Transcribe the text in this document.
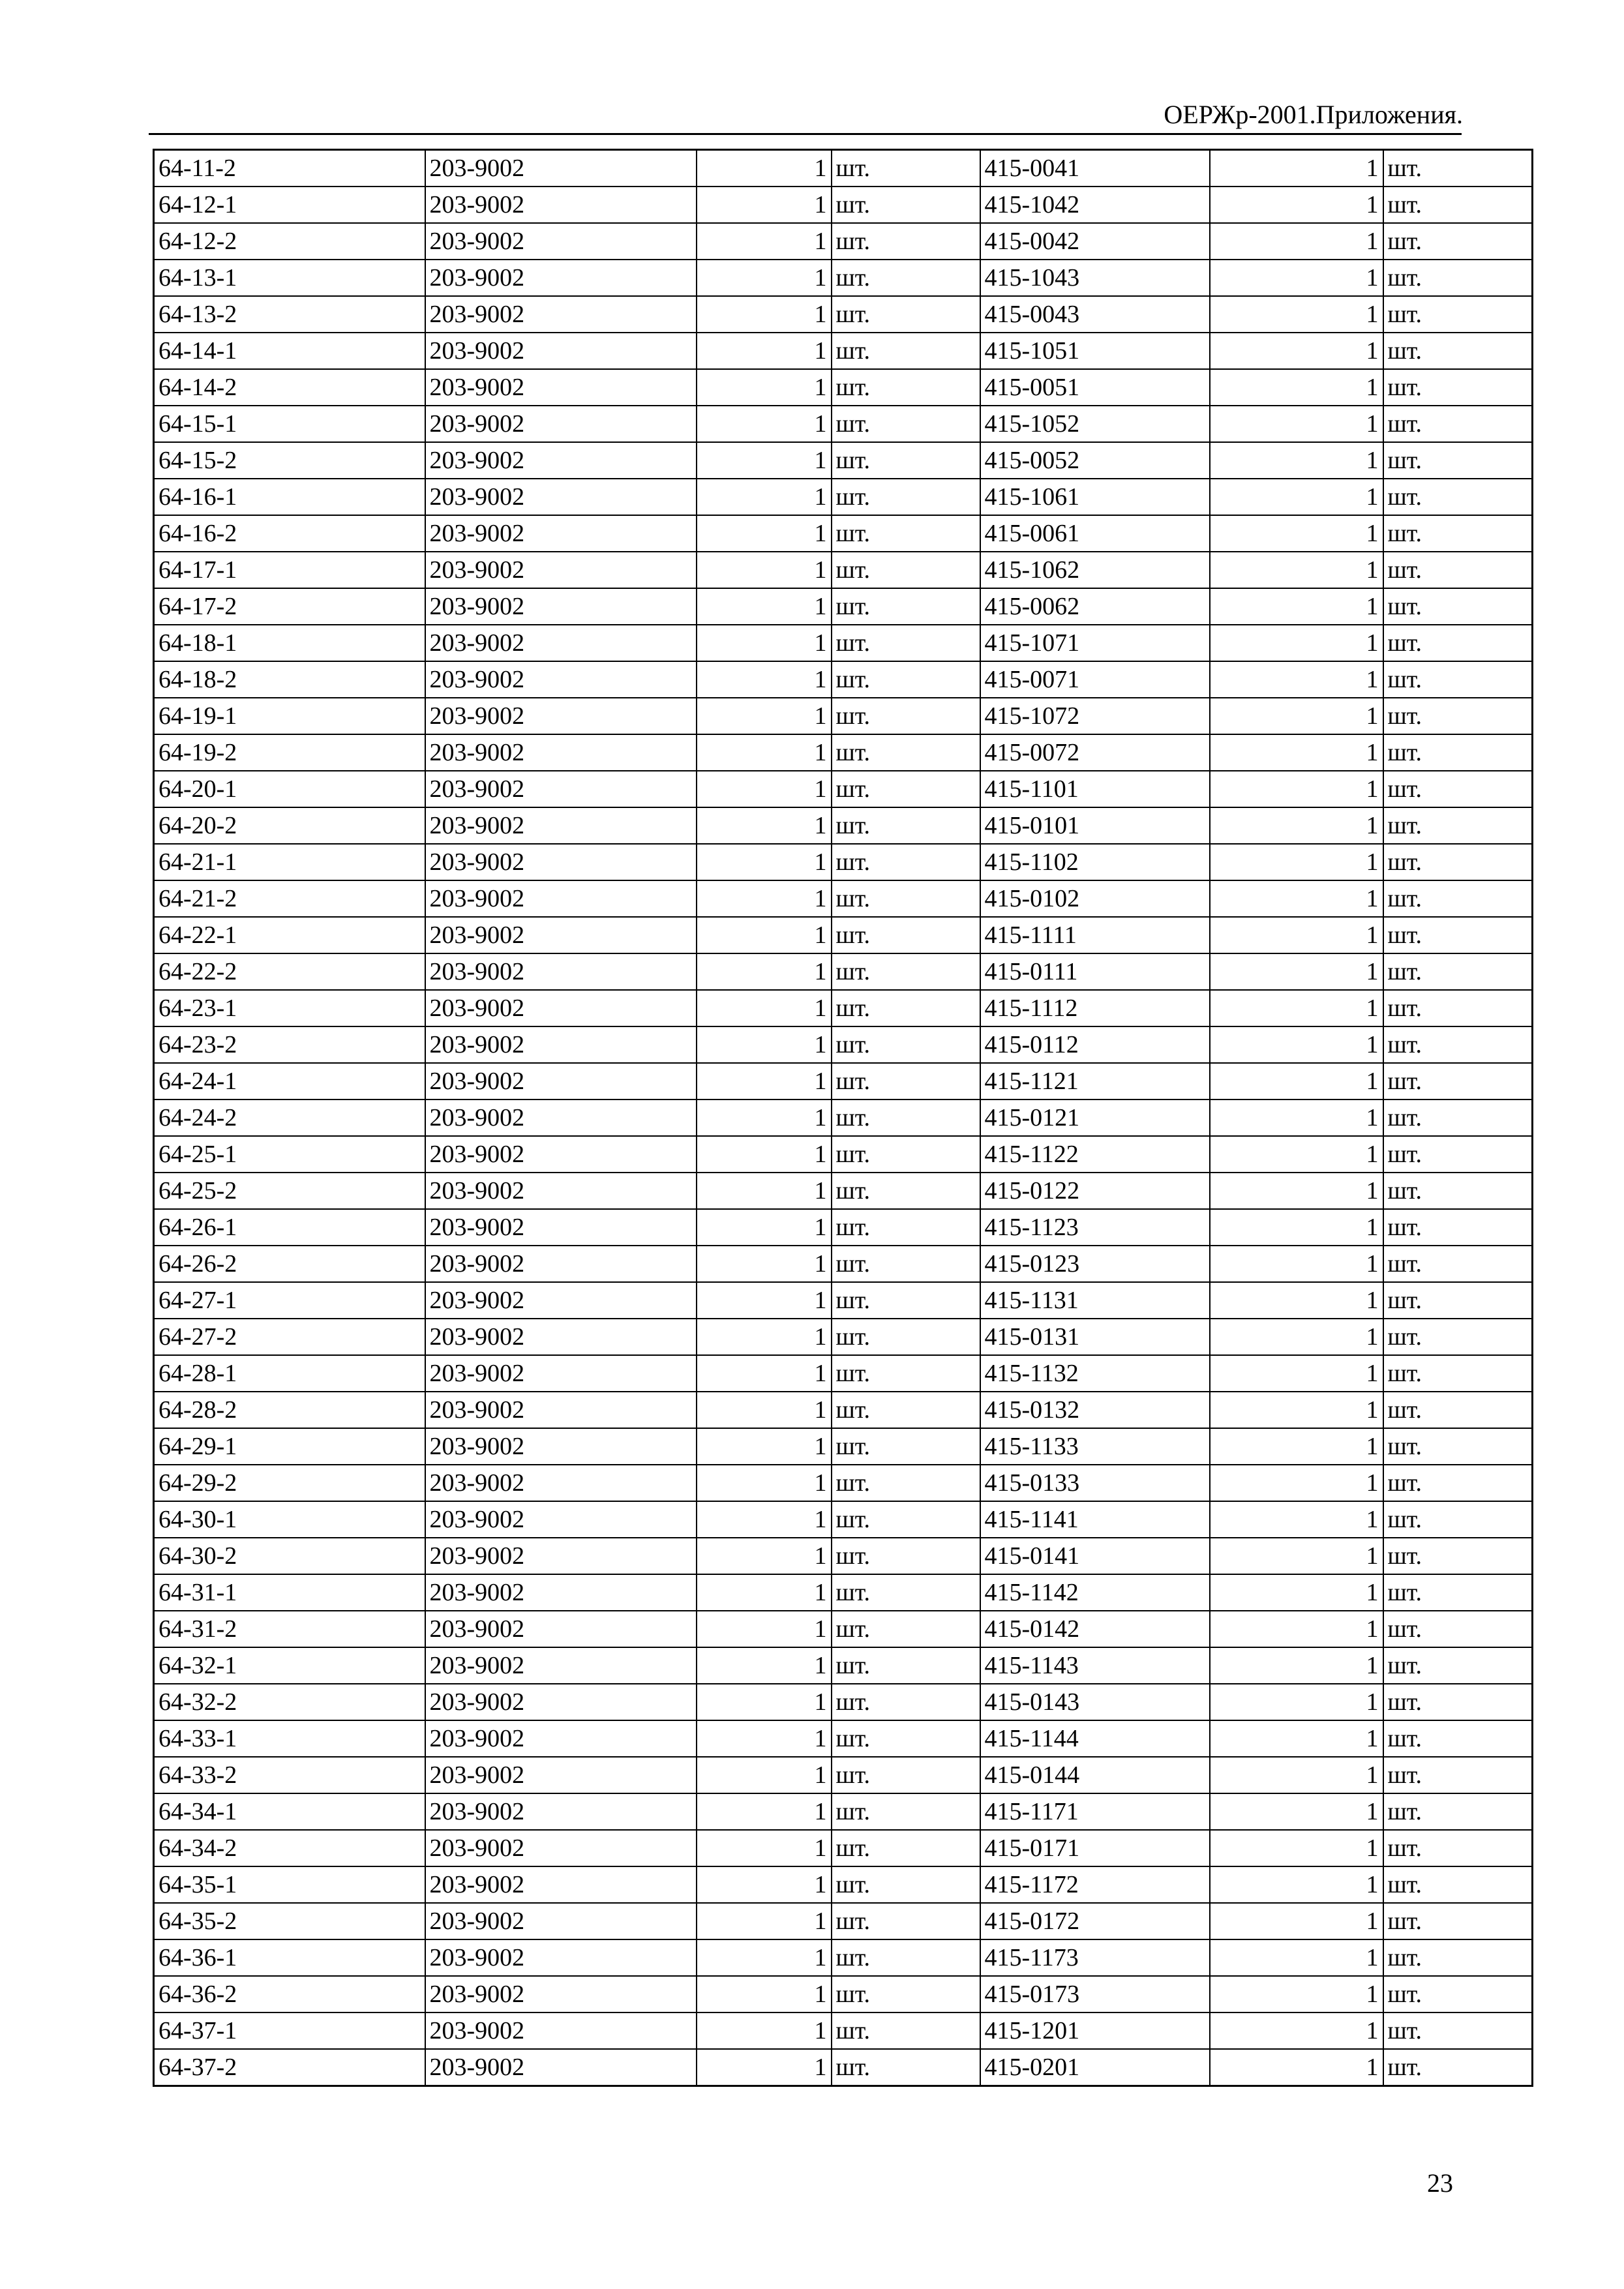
ОЕРЖр-2001.Приложения.
64-11-2	203-9002	1	шт.	415-0041	1	шт.
64-12-1	203-9002	1	шт.	415-1042	1	шт.
64-12-2	203-9002	1	шт.	415-0042	1	шт.
64-13-1	203-9002	1	шт.	415-1043	1	шт.
64-13-2	203-9002	1	шт.	415-0043	1	шт.
64-14-1	203-9002	1	шт.	415-1051	1	шт.
64-14-2	203-9002	1	шт.	415-0051	1	шт.
64-15-1	203-9002	1	шт.	415-1052	1	шт.
64-15-2	203-9002	1	шт.	415-0052	1	шт.
64-16-1	203-9002	1	шт.	415-1061	1	шт.
64-16-2	203-9002	1	шт.	415-0061	1	шт.
64-17-1	203-9002	1	шт.	415-1062	1	шт.
64-17-2	203-9002	1	шт.	415-0062	1	шт.
64-18-1	203-9002	1	шт.	415-1071	1	шт.
64-18-2	203-9002	1	шт.	415-0071	1	шт.
64-19-1	203-9002	1	шт.	415-1072	1	шт.
64-19-2	203-9002	1	шт.	415-0072	1	шт.
64-20-1	203-9002	1	шт.	415-1101	1	шт.
64-20-2	203-9002	1	шт.	415-0101	1	шт.
64-21-1	203-9002	1	шт.	415-1102	1	шт.
64-21-2	203-9002	1	шт.	415-0102	1	шт.
64-22-1	203-9002	1	шт.	415-1111	1	шт.
64-22-2	203-9002	1	шт.	415-0111	1	шт.
64-23-1	203-9002	1	шт.	415-1112	1	шт.
64-23-2	203-9002	1	шт.	415-0112	1	шт.
64-24-1	203-9002	1	шт.	415-1121	1	шт.
64-24-2	203-9002	1	шт.	415-0121	1	шт.
64-25-1	203-9002	1	шт.	415-1122	1	шт.
64-25-2	203-9002	1	шт.	415-0122	1	шт.
64-26-1	203-9002	1	шт.	415-1123	1	шт.
64-26-2	203-9002	1	шт.	415-0123	1	шт.
64-27-1	203-9002	1	шт.	415-1131	1	шт.
64-27-2	203-9002	1	шт.	415-0131	1	шт.
64-28-1	203-9002	1	шт.	415-1132	1	шт.
64-28-2	203-9002	1	шт.	415-0132	1	шт.
64-29-1	203-9002	1	шт.	415-1133	1	шт.
64-29-2	203-9002	1	шт.	415-0133	1	шт.
64-30-1	203-9002	1	шт.	415-1141	1	шт.
64-30-2	203-9002	1	шт.	415-0141	1	шт.
64-31-1	203-9002	1	шт.	415-1142	1	шт.
64-31-2	203-9002	1	шт.	415-0142	1	шт.
64-32-1	203-9002	1	шт.	415-1143	1	шт.
64-32-2	203-9002	1	шт.	415-0143	1	шт.
64-33-1	203-9002	1	шт.	415-1144	1	шт.
64-33-2	203-9002	1	шт.	415-0144	1	шт.
64-34-1	203-9002	1	шт.	415-1171	1	шт.
64-34-2	203-9002	1	шт.	415-0171	1	шт.
64-35-1	203-9002	1	шт.	415-1172	1	шт.
64-35-2	203-9002	1	шт.	415-0172	1	шт.
64-36-1	203-9002	1	шт.	415-1173	1	шт.
64-36-2	203-9002	1	шт.	415-0173	1	шт.
64-37-1	203-9002	1	шт.	415-1201	1	шт.
64-37-2	203-9002	1	шт.	415-0201	1	шт.
23
